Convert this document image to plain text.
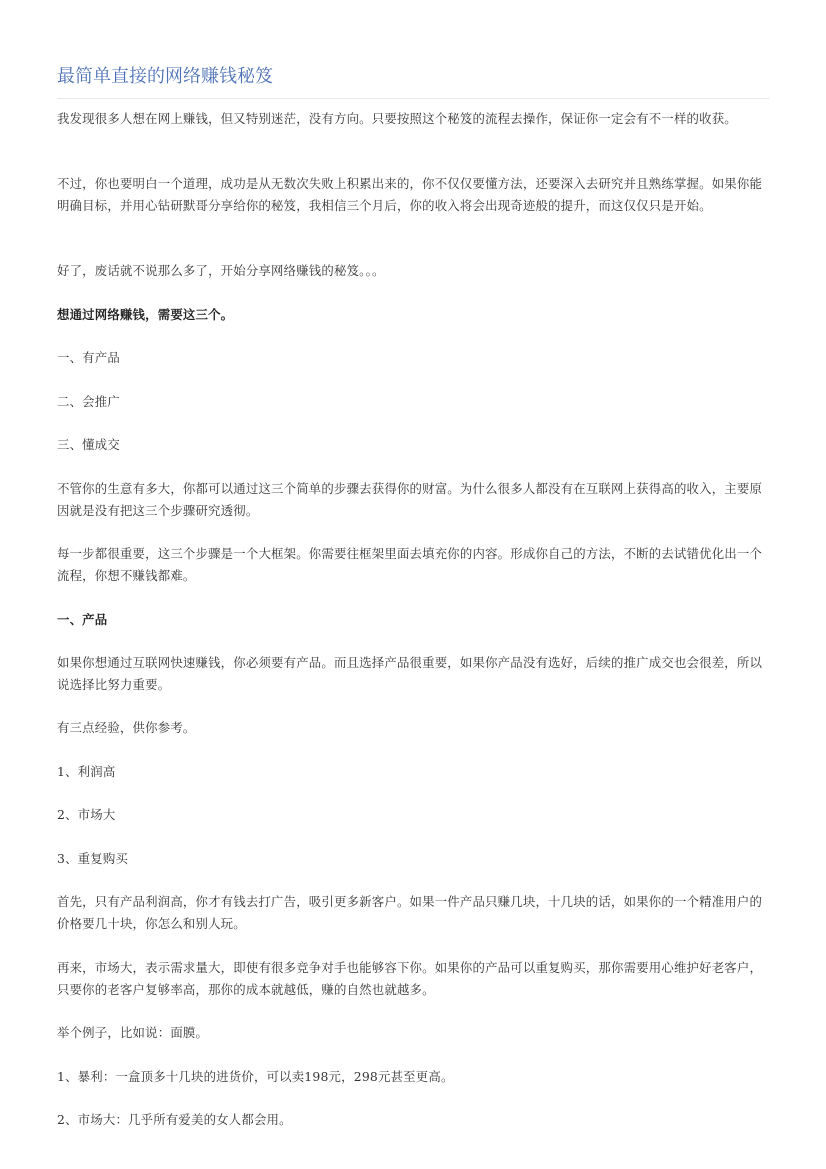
最简单直接的网络赚钱秘笈

我发现很多人想在网上赚钱，但又特别迷茫，没有方向。只要按照这个秘笈的流程去操作，保证你一定会有不一样的收获。

不过，你也要明白一个道理，成功是从无数次失败上积累出来的，你不仅仅要懂方法，还要深入去研究并且熟练掌握。如果你能明确目标，并用心钻研默哥分享给你的秘笈，我相信三个月后，你的收入将会出现奇迹般的提升，而这仅仅只是开始。

好了，废话就不说那么多了，开始分享网络赚钱的秘笈。。。

想通过网络赚钱，需要这三个。

一、有产品

二、会推广

三、懂成交

不管你的生意有多大，你都可以通过这三个简单的步骤去获得你的财富。为什么很多人都没有在互联网上获得高的收入，主要原因就是没有把这三个步骤研究透彻。

每一步都很重要，这三个步骤是一个大框架。你需要往框架里面去填充你的内容。形成你自己的方法，不断的去试错优化出一个流程，你想不赚钱都难。

一、产品

如果你想通过互联网快速赚钱，你必须要有产品。而且选择产品很重要，如果你产品没有选好，后续的推广成交也会很差，所以说选择比努力重要。

有三点经验，供你参考。

1、利润高

2、市场大

3、重复购买

首先，只有产品利润高，你才有钱去打广告，吸引更多新客户。如果一件产品只赚几块，十几块的话，如果你的一个精准用户的价格要几十块，你怎么和别人玩。

再来，市场大，表示需求量大，即使有很多竞争对手也能够容下你。如果你的产品可以重复购买，那你需要用心维护好老客户，只要你的老客户复够率高，那你的成本就越低，赚的自然也就越多。

举个例子，比如说：面膜。

1、暴利：一盒顶多十几块的进货价，可以卖198元，298元甚至更高。

2、市场大：几乎所有爱美的女人都会用。
